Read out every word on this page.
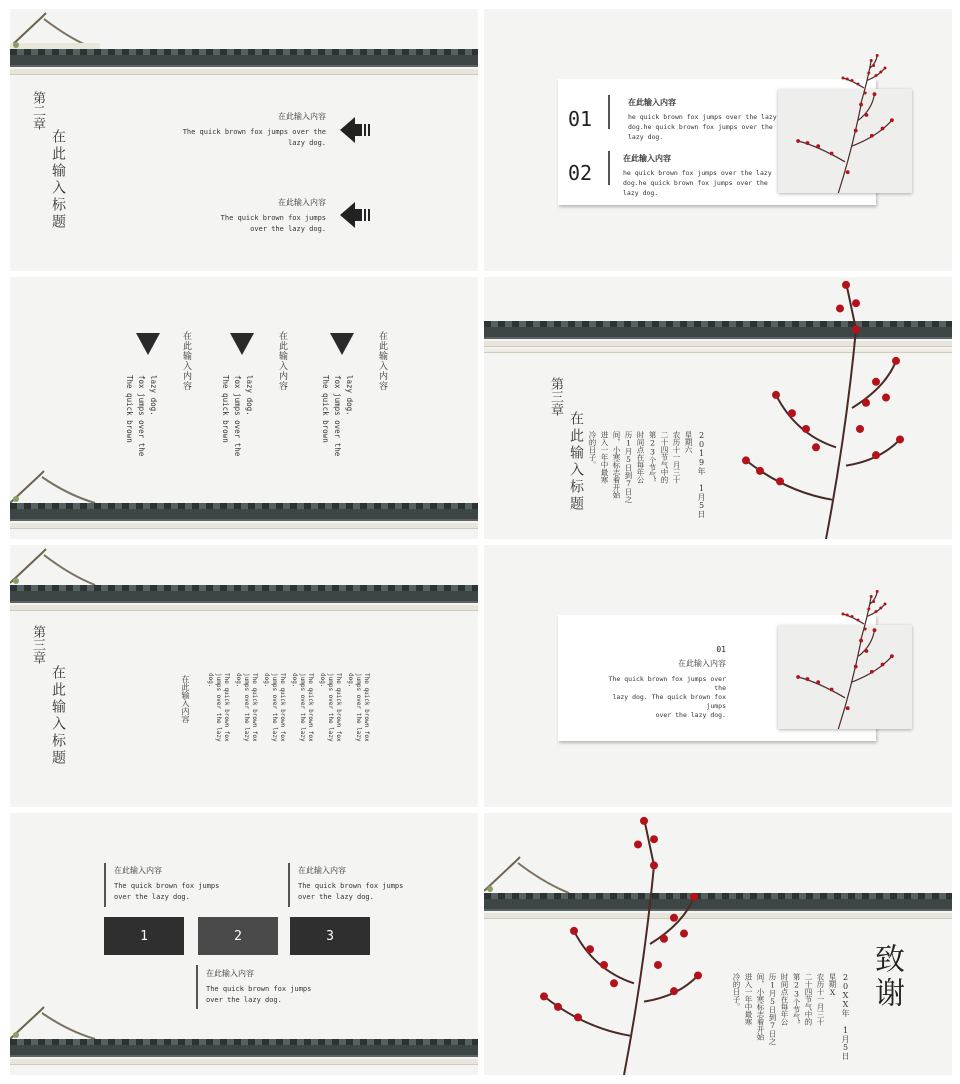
第二章
在此输入标题
在此输入内容
The quick brown fox jumps over the
lazy dog.
在此输入内容
The quick brown fox jumps
over the lazy dog.
01
在此输入内容
he quick brown fox jumps over the lazy
dog.he quick brown fox jumps over the
lazy dog.
02
在此输入内容
he quick brown fox jumps over the lazy
dog.he quick brown fox jumps over the
lazy dog.
在此输入内容
lazy dog.
fox jumps over the
The quick brown
在此输入内容
lazy dog.
fox jumps over the
The quick brown
在此输入内容
lazy dog.
fox jumps over the
The quick brown	第三章
在此输入标题	2019年 1月5日
星期六
农历十一月三十
二十四节气中的
第23个节气，
时间点在每年公
历1月5日到7日之
间，小寒标志着开始
进入一年中最寒
冷的日子。
第三章
在此输入标题	在此输入内容	The quick brown fox jumps over the lazy dog.	The quick brown fox jumps over the lazy dog.	The quick brown fox jumps over the lazy dog.	The quick brown fox jumps over the lazy dog.	The quick brown fox jumps over the lazy dog.	The quick brown fox jumps over the lazy dog.
01
在此输入内容
The quick brown fox jumps over the
lazy dog. The quick brown fox jumps
over the lazy dog.
在此输入内容
The quick brown fox jumps
over the lazy dog.
在此输入内容
The quick brown fox jumps
over the lazy dog.
1	2	3
在此输入内容
The quick brown fox jumps
over the lazy dog.	致谢
20XX年 1月5日
星期X
农历十一月三十
二十四节气中的
第23个节气，
时间点在每年公
历1月5日到7日之
间，小寒标志着开始
进入一年中最寒
冷的日子。
